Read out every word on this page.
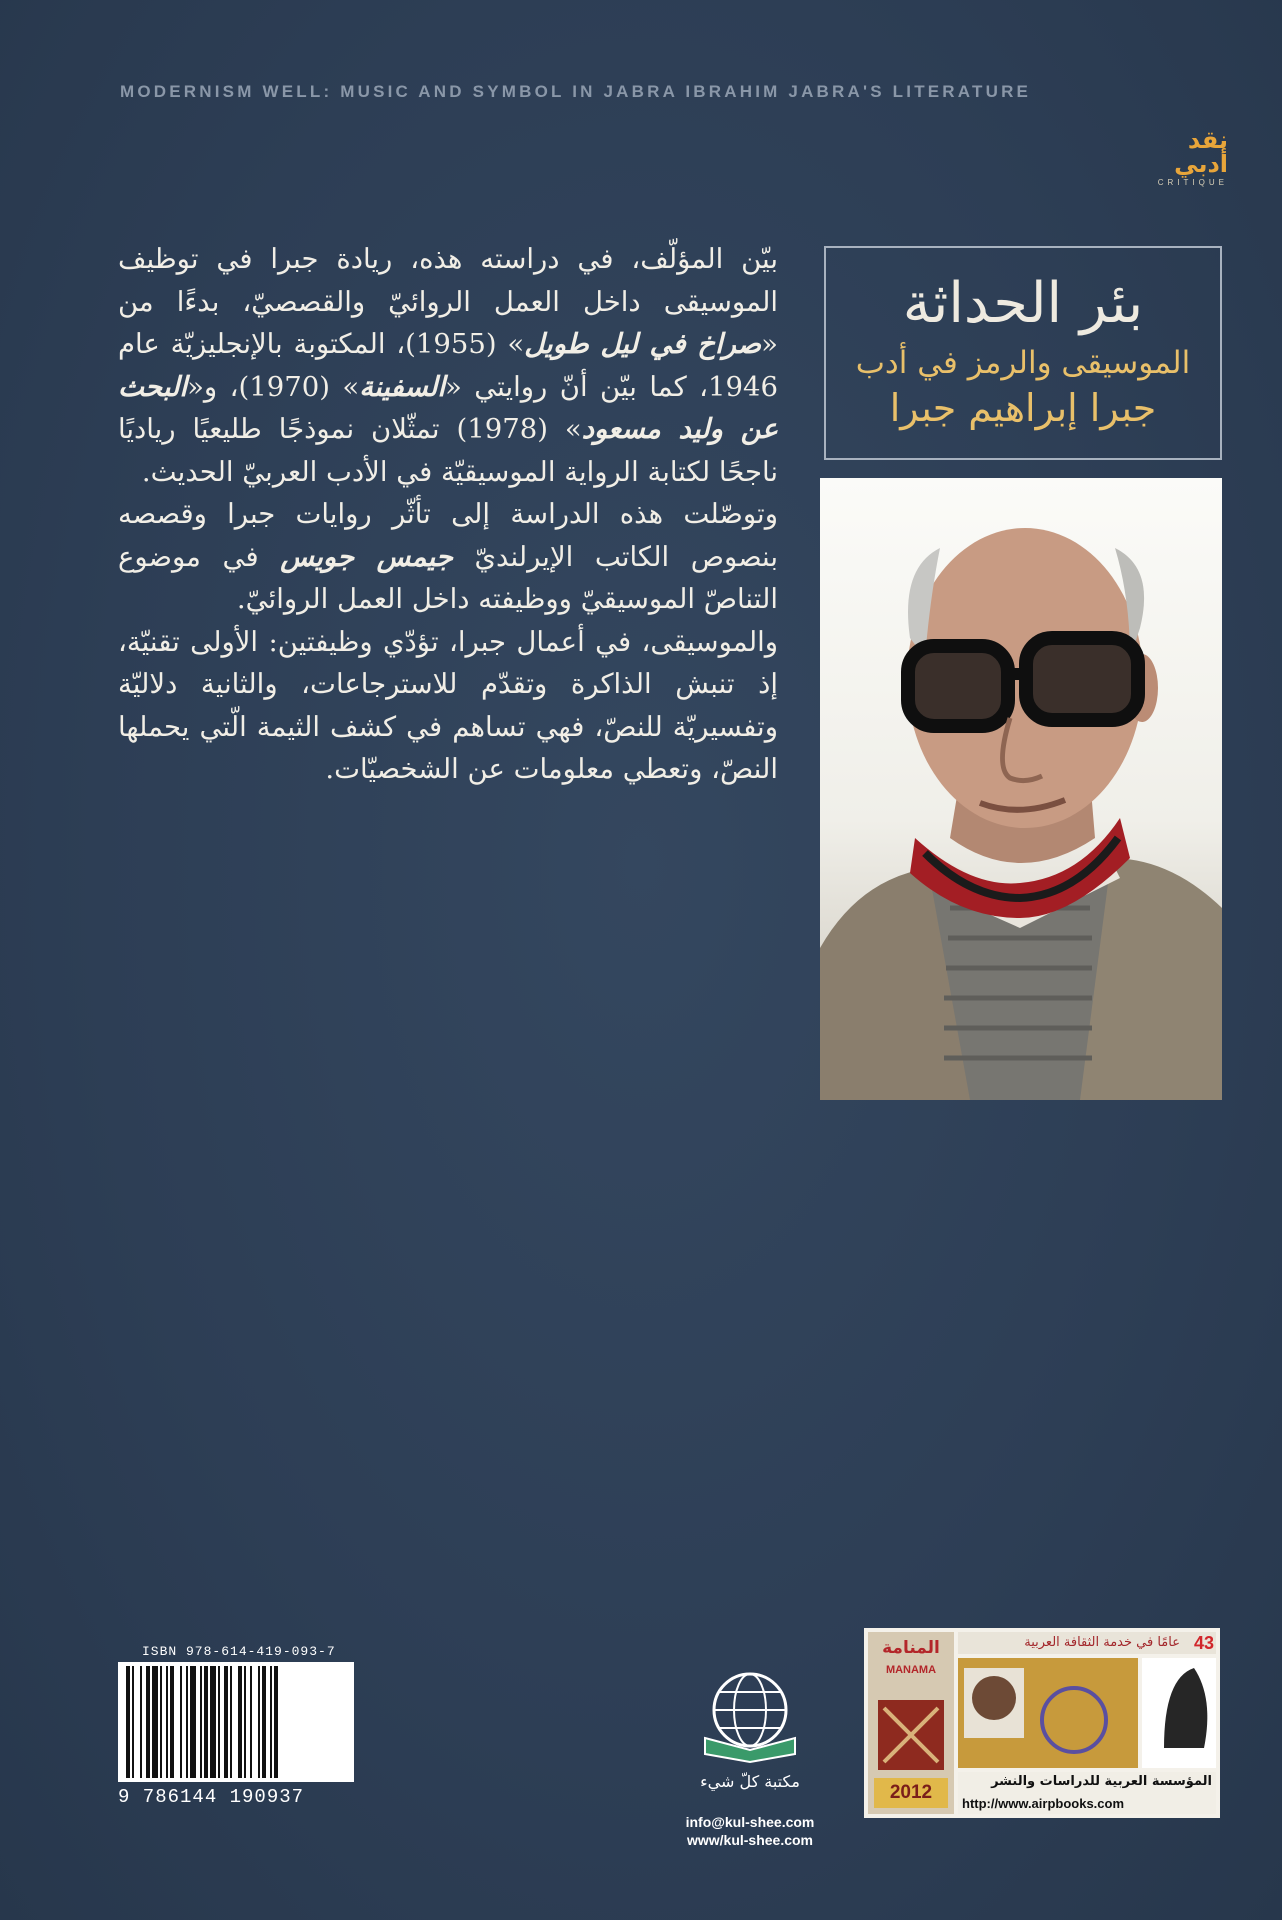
MODERNISM WELL: MUSIC AND SYMBOL IN JABRA IBRAHIM JABRA'S LITERATURE
نقد أدبي
CRITIQUE
بئر الحداثة
الموسيقى والرمز في أدب
جبرا إبراهيم جبرا

بيّن المؤلّف، في دراسته هذه، ريادة جبرا في توظيف الموسيقى داخل العمل الروائيّ والقصصيّ، بدءًا من «صراخ في ليل طويل» (1955)، المكتوبة بالإنجليزيّة عام 1946، كما بيّن أنّ روايتي «السفينة» (1970)، و«البحث عن وليد مسعود» (1978) تمثّلان نموذجًا طليعيًا رياديًا ناجحًا لكتابة الرواية الموسيقيّة في الأدب العربيّ الحديث.

وتوصّلت هذه الدراسة إلى تأثّر روايات جبرا وقصصه بنصوص الكاتب الإيرلنديّ جيمس جويس في موضوع التناصّ الموسيقيّ ووظيفته داخل العمل الروائيّ.

والموسيقى، في أعمال جبرا، تؤدّي وظيفتين: الأولى تقنيّة، إذ تنبش الذاكرة وتقدّم للاسترجاعات، والثانية دلاليّة وتفسيريّة للنصّ، فهي تساهم في كشف الثيمة الّتي يحملها النصّ، وتعطي معلومات عن الشخصيّات.

ISBN 978-614-419-093-7
9 786144 190937
مكتبة كلّ شيء
info@kul-shee.com
www/kul-shee.com
المنامة
MANAMA
2012
43
عامًا في خدمة الثقافة العربية
المؤسسة العربية للدراسات والنشر
http://www.airpbooks.com
